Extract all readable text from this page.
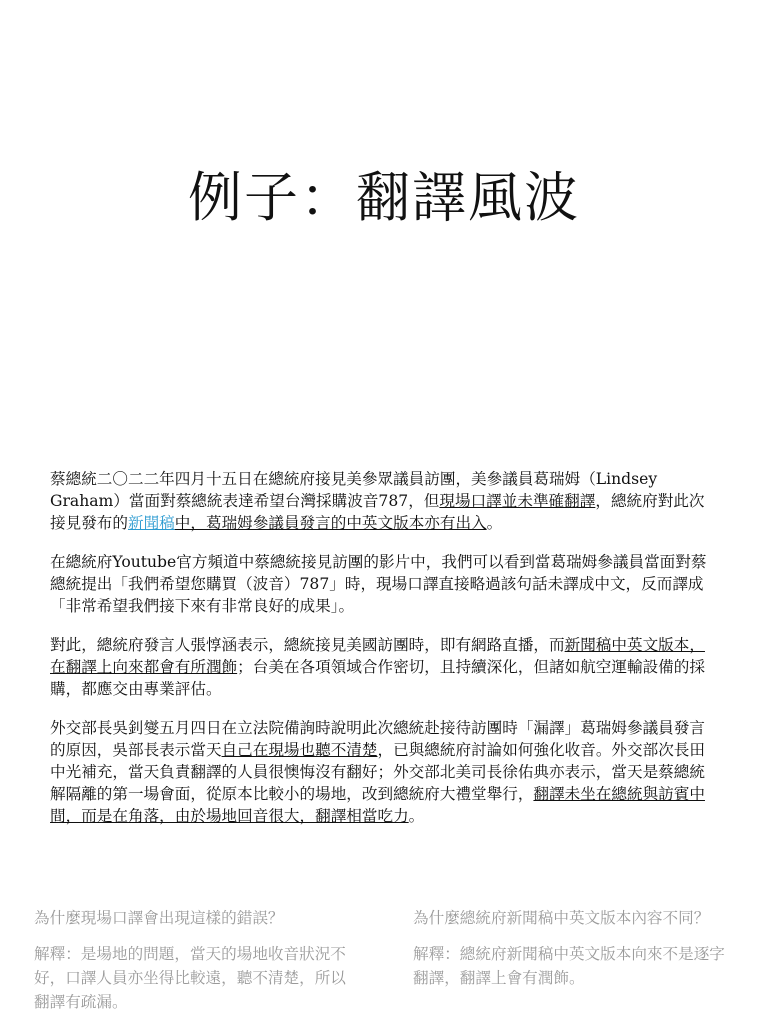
例子：翻譯風波

蔡總統二〇二二年四月十五日在總統府接見美參眾議員訪團，美參議員葛瑞姆（Lindsey Graham）當面對蔡總統表達希望台灣採購波音787，但現場口譯並未準確翻譯，總統府對此次接見發布的新聞稿中，葛瑞姆參議員發言的中英文版本亦有出入。

在總統府Youtube官方頻道中蔡總統接見訪團的影片中，我們可以看到當葛瑞姆參議員當面對蔡總統提出「我們希望您購買（波音）787」時，現場口譯直接略過該句話未譯成中文，反而譯成「非常希望我們接下來有非常良好的成果」。

對此，總統府發言人張惇涵表示，總統接見美國訪團時，即有網路直播，而新聞稿中英文版本，在翻譯上向來都會有所潤飾；台美在各項領域合作密切，且持續深化，但諸如航空運輸設備的採購，都應交由專業評估。

外交部長吳釗燮五月四日在立法院備詢時說明此次總統赴接待訪團時「漏譯」葛瑞姆參議員發言的原因，吳部長表示當天自己在現場也聽不清楚，已與總統府討論如何強化收音。外交部次長田中光補充，當天負責翻譯的人員很懊悔沒有翻好；外交部北美司長徐佑典亦表示，當天是蔡總統解隔離的第一場會面，從原本比較小的場地，改到總統府大禮堂舉行，翻譯未坐在總統與訪賓中間，而是在角落，由於場地回音很大，翻譯相當吃力。

為什麼現場口譯會出現這樣的錯誤？

解釋：是場地的問題，當天的場地收音狀況不好，口譯人員亦坐得比較遠，聽不清楚，所以翻譯有疏漏。

為什麼總統府新聞稿中英文版本內容不同？

解釋：總統府新聞稿中英文版本向來不是逐字翻譯，翻譯上會有潤飾。
